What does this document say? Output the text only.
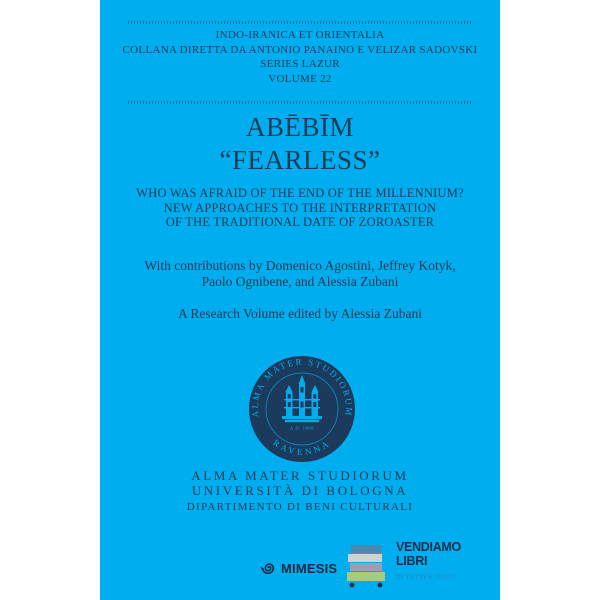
INDO-IRANICA ET ORIENTALIA
COLLANA DIRETTA DA ANTONIO PANAINO E VELIZAR SADOVSKI
SERIES LAZUR
VOLUME 22
ABĒBĪM
“FEARLESS”
WHO WAS AFRAID OF THE END OF THE MILLENNIUM?
NEW APPROACHES TO THE INTERPRETATION
OF THE TRADITIONAL DATE OF ZOROASTER
With contributions by Domenico Agostini, Jeffrey Kotyk,
Paolo Ognibene, and Alessia Zubani
A Research Volume edited by Alessia Zubani
ALMA MATER STUDIORUM
RAVENNA
A.D. 1088
ALMA MATER STUDIORUM
UNIVERSITÀ DI BOLOGNA
DIPARTIMENTO DI BENI CULTURALI
MIMESIS
VENDIAMO
LIBRI
DI TUTTI A TUTTI
